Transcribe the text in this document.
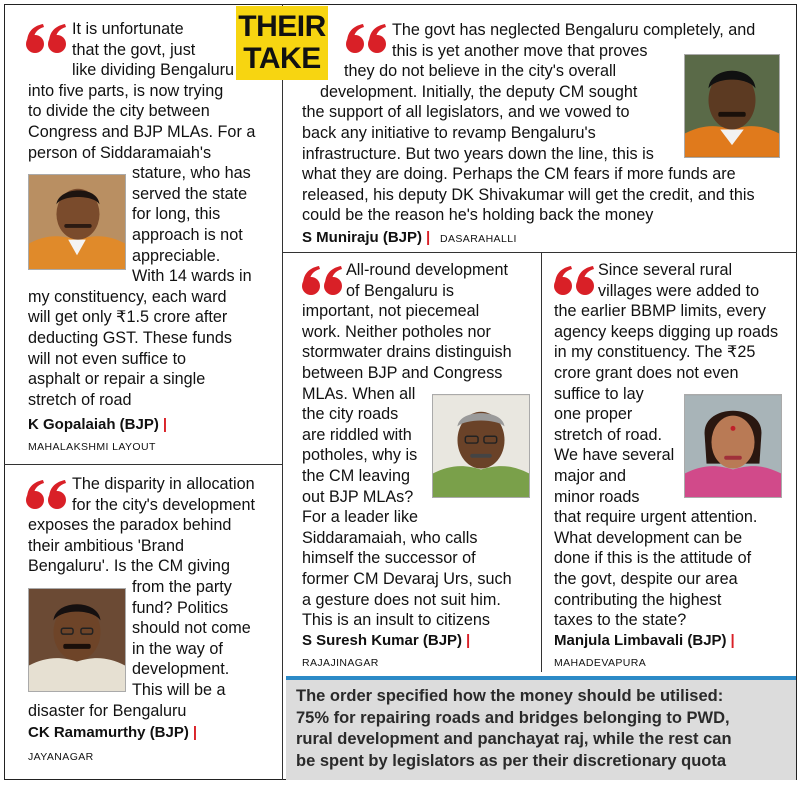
THEIR
TAKE

It is unfortunate

that the govt, just

like dividing Bengaluru

into five parts, is now trying

to divide the city between

Congress and BJP MLAs. For a

person of Siddaramaiah's

stature, who has

served the state

for long, this

approach is not

appreciable.

With 14 wards in

my constituency, each ward

will get only ₹1.5 crore after

deducting GST. These funds

will not even suffice to

asphalt or repair a single

stretch of road

K Gopalaiah (BJP) |
MAHALAKSHMI LAYOUT

The govt has neglected Bengaluru completely, and

this is yet another move that proves

they do not believe in the city's overall

development. Initially, the deputy CM sought

the support of all legislators, and we vowed to

back any initiative to revamp Bengaluru's

infrastructure. But two years down the line, this is

what they are doing. Perhaps the CM fears if more funds are

released, his deputy DK Shivakumar will get the credit, and this

could be the reason he's holding back the money

S Muniraju (BJP) | DASARAHALLI

The disparity in allocation

for the city's development

exposes the paradox behind

their ambitious 'Brand

Bengaluru'. Is the CM giving

from the party

fund? Politics

should not come

in the way of

development.

This will be a

disaster for Bengaluru

CK Ramamurthy (BJP) |
JAYANAGAR

All-round development

of Bengaluru is

important, not piecemeal

work. Neither potholes nor

stormwater drains distinguish

between BJP and Congress

MLAs. When all

the city roads

are riddled with

potholes, why is

the CM leaving

out BJP MLAs?

For a leader like

Siddaramaiah, who calls

himself the successor of

former CM Devaraj Urs, such

a gesture does not suit him.

This is an insult to citizens

S Suresh Kumar (BJP) |
RAJAJINAGAR

Since several rural

villages were added to

the earlier BBMP limits, every

agency keeps digging up roads

in my constituency. The ₹25

crore grant does not even

suffice to lay

one proper

stretch of road.

We have several

major and

minor roads

that require urgent attention.

What development can be

done if this is the attitude of

the govt, despite our area

contributing the highest

taxes to the state?

Manjula Limbavali (BJP) |
MAHADEVAPURA

The order specified how the money should be utilised:

75% for repairing roads and bridges belonging to PWD,

rural development and panchayat raj, while the rest can

be spent by legislators as per their discretionary quota
